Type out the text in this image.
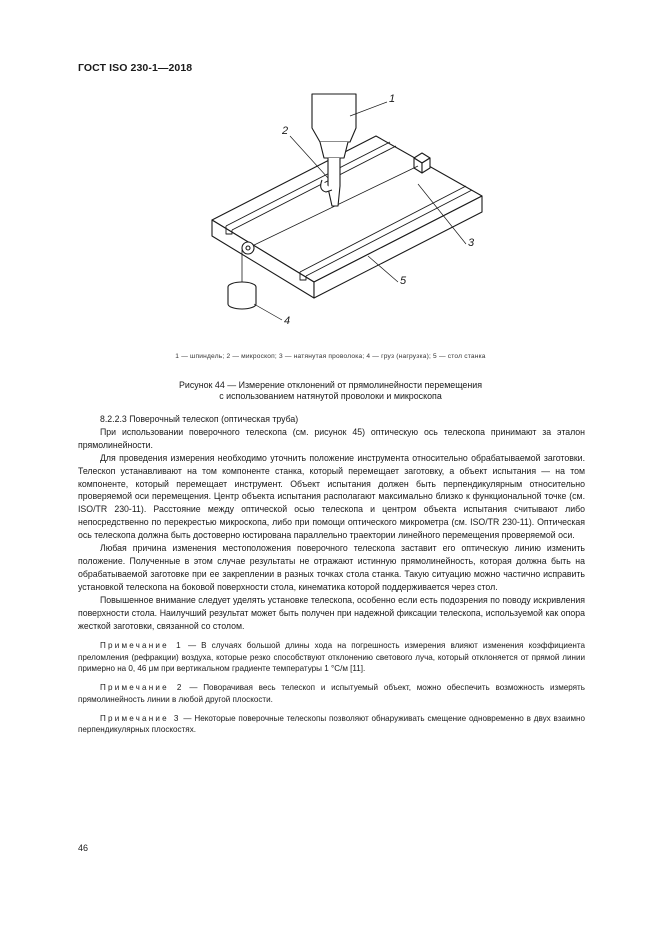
ГОСТ ISO 230-1—2018
1
2
3
4
5
1 — шпиндель; 2 — микроскоп; 3 — натянутая проволока; 4 — груз (нагрузка); 5 — стол станка
Рисунок 44 — Измерение отклонений от прямолинейности перемещения
с использованием натянутой проволоки и микроскопа

8.2.2.3 Поверочный телескоп (оптическая труба)

При использовании поверочного телескопа (см. рисунок 45) оптическую ось телескопа принимают за эталон прямолинейности.

Для проведения измерения необходимо уточнить положение инструмента относительно обрабатываемой заготовки. Телескоп устанавливают на том компоненте станка, который перемещает заготовку, а объект испытания — на том компоненте, который перемещает инструмент. Объект испытания должен быть перпендикулярным относительно проверяемой оси перемещения. Центр объекта испытания располагают максимально близко к функциональной точке (см. ISO/TR 230-11). Расстояние между оптической осью телескопа и центром объекта испытания считывают либо непосредственно по перекрестью микроскопа, либо при помощи оптического микрометра (см. ISO/TR 230-11). Оптическая ось телескопа должна быть достоверно юстирована параллельно траектории линейного перемещения проверяемой оси.

Любая причина изменения местоположения поверочного телескопа заставит его оптическую линию изменить положение. Полученные в этом случае результаты не отражают истинную прямолинейность, которая должна быть на обрабатываемой заготовке при ее закреплении в разных точках стола станка. Такую ситуацию можно частично исправить установкой телескопа на боковой поверхности стола, кинематика которой поддерживается через стол.

Повышенное внимание следует уделять установке телескопа, особенно если есть подозрения по поводу искривления поверхности стола. Наилучший результат может быть получен при надежной фиксации телескопа, используемой как опора жесткой заготовки, связанной со столом.

Примечание 1 — В случаях большой длины хода на погрешность измерения влияют изменения коэффициента преломления (рефракции) воздуха, которые резко способствуют отклонению светового луча, который отклоняется от прямой линии примерно на 0, 46 μм при вертикальном градиенте температуры 1 °C/м [11].

Примечание 2 — Поворачивая весь телескоп и испытуемый объект, можно обеспечить возможность измерять прямолинейность линии в любой другой плоскости.

Примечание 3 — Некоторые поверочные телескопы позволяют обнаруживать смещение одновременно в двух взаимно перпендикулярных плоскостях.

46
